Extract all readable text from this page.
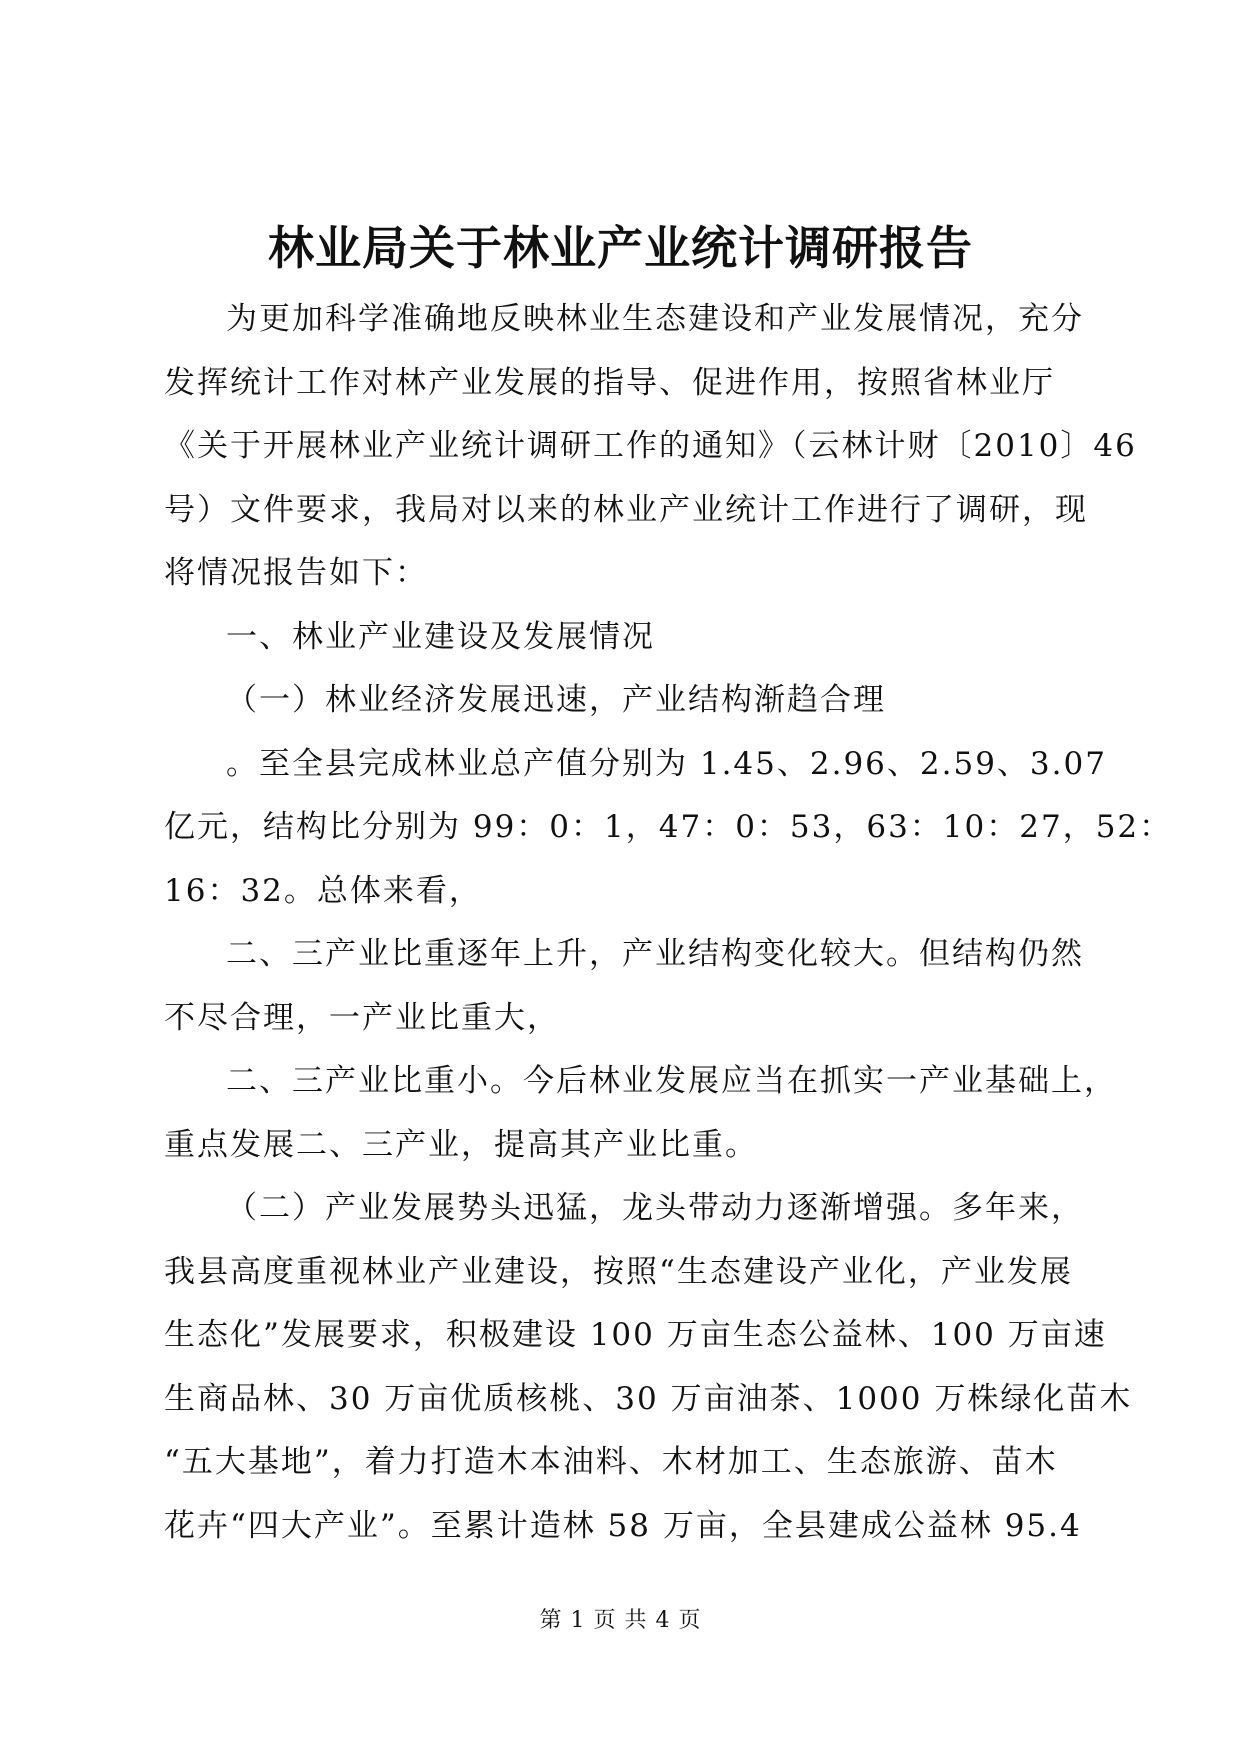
林业局关于林业产业统计调研报告

为更加科学准确地反映林业生态建设和产业发展情况，充分
发挥统计工作对林产业发展的指导、促进作用，按照省林业厅
《关于开展林业产业统计调研工作的通知》（云林计财〔2010〕46
号）文件要求，我局对以来的林业产业统计工作进行了调研，现
将情况报告如下：

一、林业产业建设及发展情况

（一）林业经济发展迅速，产业结构渐趋合理

。至全县完成林业总产值分别为 1.45、2.96、2.59、3.07
亿元，结构比分别为 99：0：1，47：0：53，63：10：27，52：
16：32。总体来看，

二、三产业比重逐年上升，产业结构变化较大。但结构仍然
不尽合理，一产业比重大，

二、三产业比重小。今后林业发展应当在抓实一产业基础上，
重点发展二、三产业，提高其产业比重。

（二）产业发展势头迅猛，龙头带动力逐渐增强。多年来，
我县高度重视林业产业建设，按照“生态建设产业化，产业发展
生态化”发展要求，积极建设 100 万亩生态公益林、100 万亩速
生商品林、30 万亩优质核桃、30 万亩油茶、1000 万株绿化苗木
“五大基地”，着力打造木本油料、木材加工、生态旅游、苗木
花卉“四大产业”。至累计造林 58 万亩，全县建成公益林 95.4

第 1 页 共 4 页
